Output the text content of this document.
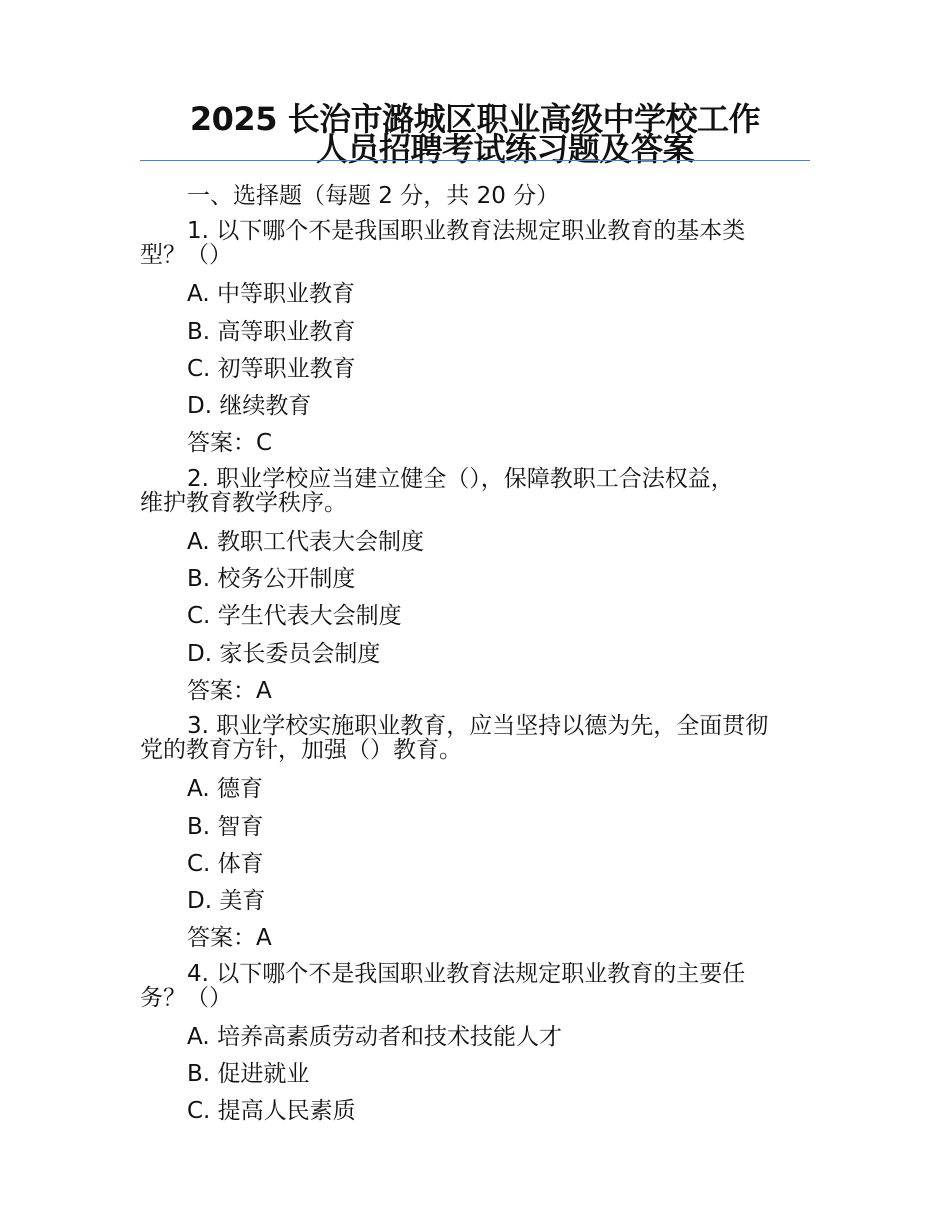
2025 长治市潞城区职业高级中学校工作
人员招聘考试练习题及答案
一、选择题（每题 2 分，共 20 分）
1. 以下哪个不是我国职业教育法规定职业教育的基本类
型？（）
A. 中等职业教育
B. 高等职业教育
C. 初等职业教育
D. 继续教育
答案：C
2. 职业学校应当建立健全（），保障教职工合法权益，
维护教育教学秩序。
A. 教职工代表大会制度
B. 校务公开制度
C. 学生代表大会制度
D. 家长委员会制度
答案：A
3. 职业学校实施职业教育，应当坚持以德为先，全面贯彻
党的教育方针，加强（）教育。
A. 德育
B. 智育
C. 体育
D. 美育
答案：A
4. 以下哪个不是我国职业教育法规定职业教育的主要任
务？（）
A. 培养高素质劳动者和技术技能人才
B. 促进就业
C. 提高人民素质
